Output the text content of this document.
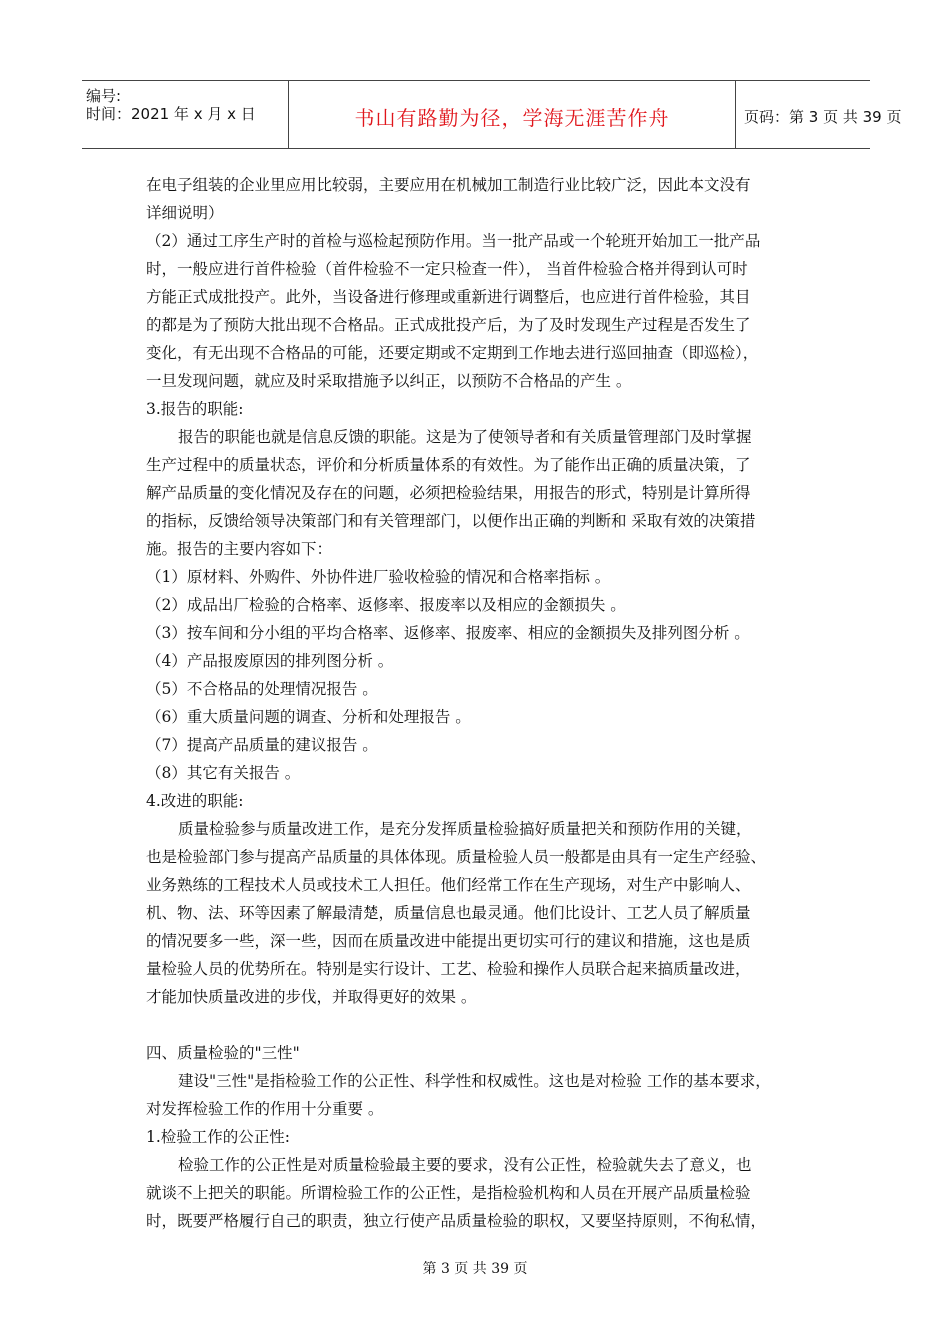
编号:
时间：2021 年 x 月 x 日	书山有路勤为径，学海无涯苦作舟	页码：第 3 页 共 39 页
在电子组装的企业里应用比较弱，主要应用在机械加工制造行业比较广泛，因此本文没有
详细说明）
（2）通过工序生产时的首检与巡检起预防作用。当一批产品或一个轮班开始加工一批产品
时，一般应进行首件检验（首件检验不一定只检查一件）， 当首件检验合格并得到认可时
方能正式成批投产。此外，当设备进行修理或重新进行调整后，也应进行首件检验，其目
的都是为了预防大批出现不合格品。正式成批投产后，为了及时发现生产过程是否发生了
变化，有无出现不合格品的可能，还要定期或不定期到工作地去进行巡回抽查（即巡检），
一旦发现问题，就应及时采取措施予以纠正，以预防不合格品的产生 。
3.报告的职能:
报告的职能也就是信息反馈的职能。这是为了使领导者和有关质量管理部门及时掌握
生产过程中的质量状态，评价和分析质量体系的有效性。为了能作出正确的质量决策，了
解产品质量的变化情况及存在的问题，必须把检验结果，用报告的形式，特别是计算所得
的指标，反馈给领导决策部门和有关管理部门，以便作出正确的判断和 采取有效的决策措
施。报告的主要内容如下：
（1）原材料、外购件、外协件进厂验收检验的情况和合格率指标 。
（2）成品出厂检验的合格率、返修率、报废率以及相应的金额损失 。
（3）按车间和分小组的平均合格率、返修率、报废率、相应的金额损失及排列图分析 。
（4）产品报废原因的排列图分析 。
（5）不合格品的处理情况报告 。
（6）重大质量问题的调查、分析和处理报告 。
（7）提高产品质量的建议报告 。
（8）其它有关报告 。
4.改进的职能:
质量检验参与质量改进工作，是充分发挥质量检验搞好质量把关和预防作用的关键，
也是检验部门参与提高产品质量的具体体现。质量检验人员一般都是由具有一定生产经验、
业务熟练的工程技术人员或技术工人担任。他们经常工作在生产现场，对生产中影响人、
机、物、法、环等因素了解最清楚，质量信息也最灵通。他们比设计、工艺人员了解质量
的情况要多一些，深一些，因而在质量改进中能提出更切实可行的建议和措施，这也是质
量检验人员的优势所在。特别是实行设计、工艺、检验和操作人员联合起来搞质量改进，
才能加快质量改进的步伐，并取得更好的效果 。
四、质量检验的"三性"
建设"三性"是指检验工作的公正性、科学性和权威性。这也是对检验 工作的基本要求，
对发挥检验工作的作用十分重要 。
1.检验工作的公正性:
检验工作的公正性是对质量检验最主要的要求，没有公正性，检验就失去了意义，也
就谈不上把关的职能。所谓检验工作的公正性，是指检验机构和人员在开展产品质量检验
时，既要严格履行自己的职责，独立行使产品质量检验的职权，又要坚持原则，不徇私情，
第 3 页 共 39 页
